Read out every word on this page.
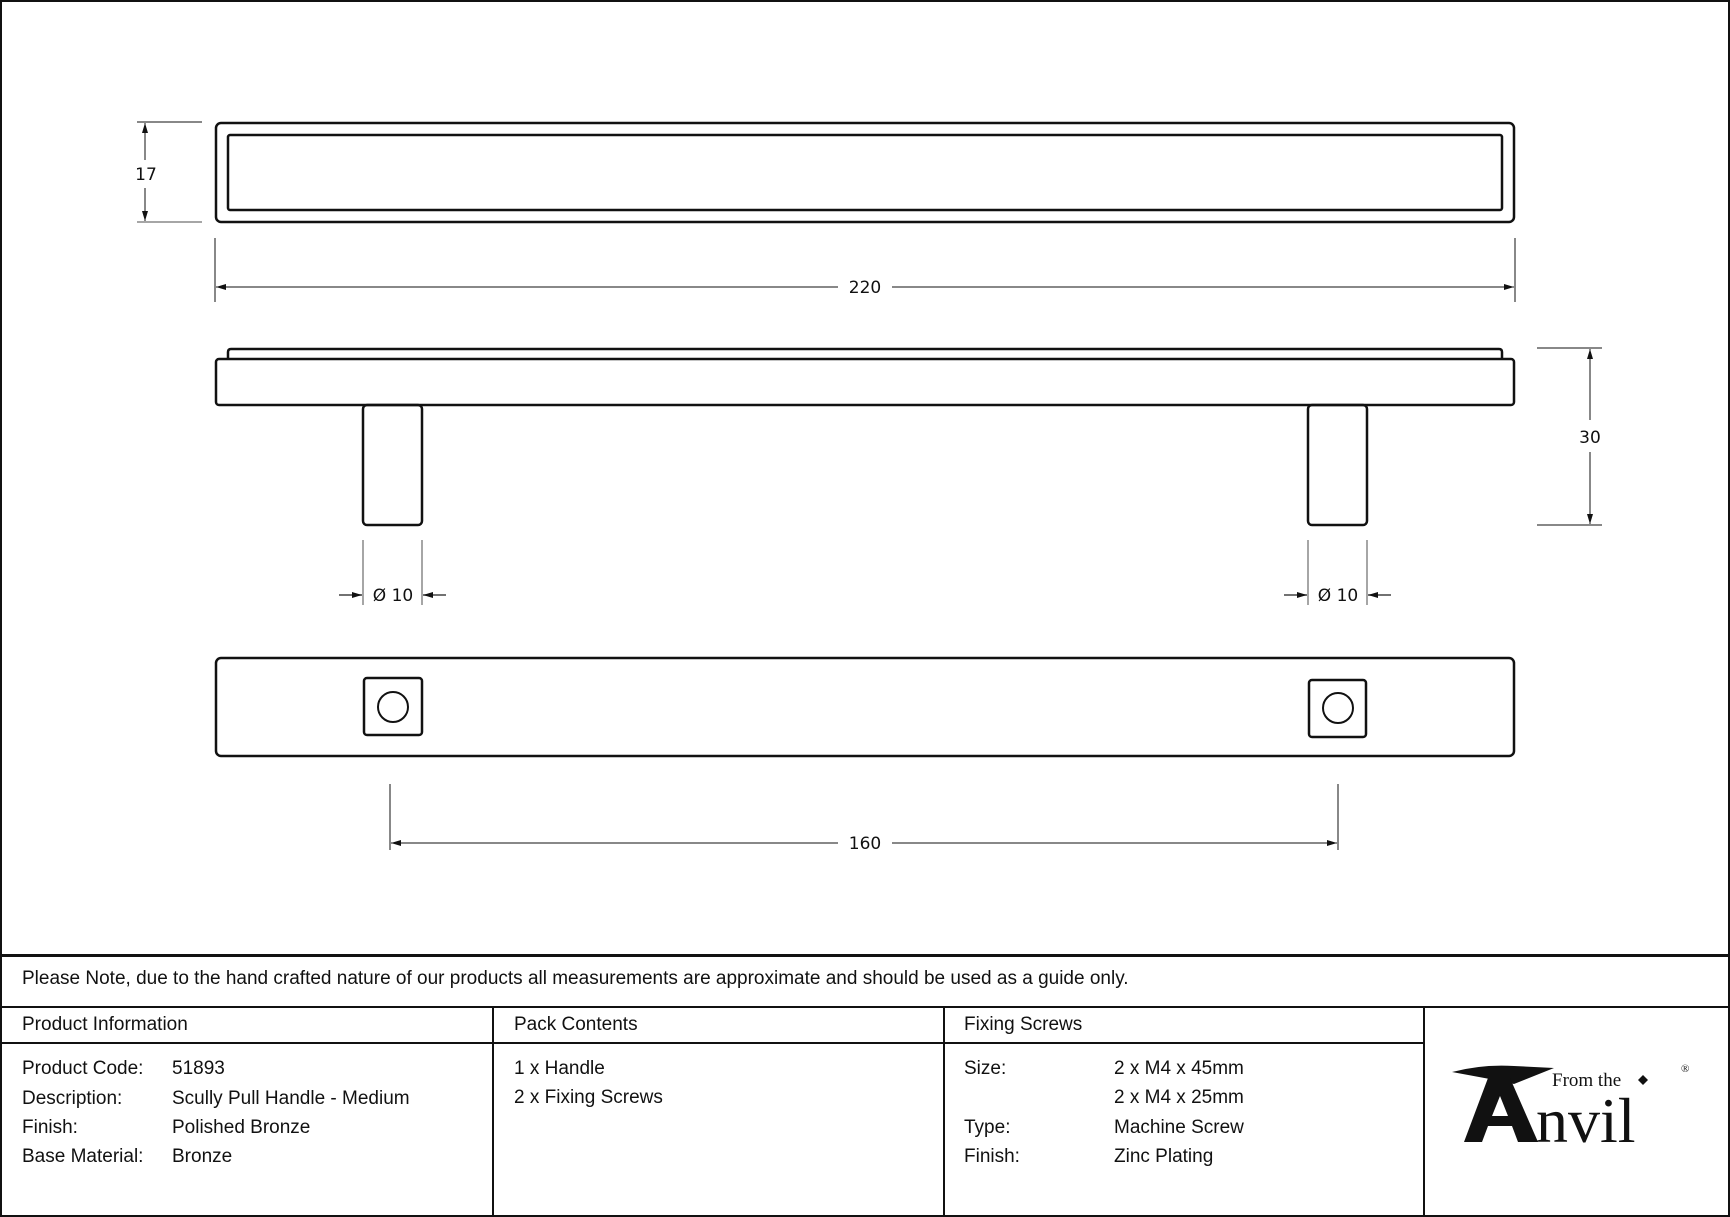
17
220
30
Ø 10	Ø 10
160
Please Note, due to the hand crafted nature of our products all measurements are approximate and should be used as a guide only.
Product Information
Product Code: 51893
Description:	Scully Pull Handle - Medium
Finish:	Polished Bronze
Base Material: Bronze
Pack Contents
1 x Handle
2 x Fixing Screws
Fixing Screws
Size:	2 x M4 x 45mm
2 x M4 x 25mm
Type:	Machine Screw
Finish:	Zinc Plating
From the
nvil
®
